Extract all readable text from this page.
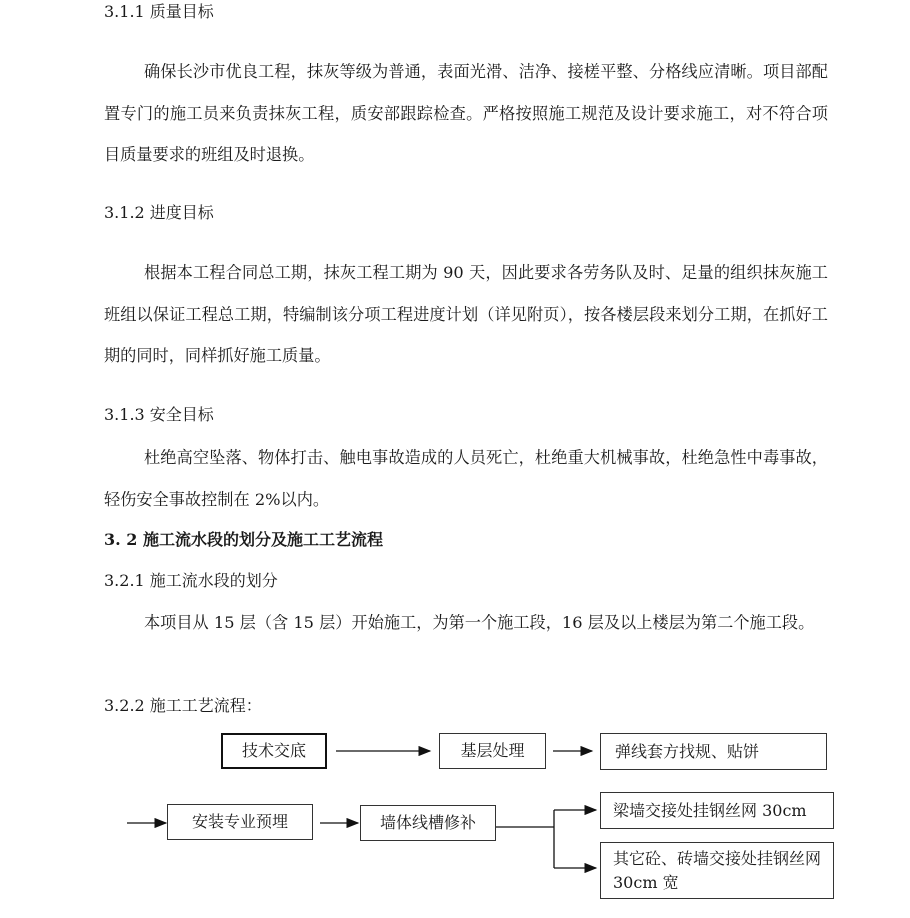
3.1.1 质量目标
确保长沙市优良工程，抹灰等级为普通，表面光滑、洁净、接槎平整、分格线应清晰。项目部配置专门的施工员来负责抹灰工程，质安部跟踪检查。严格按照施工规范及设计要求施工，对不符合项目质量要求的班组及时退换。
3.1.2 进度目标
根据本工程合同总工期，抹灰工程工期为 90 天，因此要求各劳务队及时、足量的组织抹灰施工班组以保证工程总工期，特编制该分项工程进度计划（详见附页），按各楼层段来划分工期，在抓好工期的同时，同样抓好施工质量。
3.1.3 安全目标
杜绝高空坠落、物体打击、触电事故造成的人员死亡，杜绝重大机械事故，杜绝急性中毒事故，轻伤安全事故控制在 2%以内。
3. 2 施工流水段的划分及施工工艺流程
3.2.1 施工流水段的划分
本项目从 15 层（含 15 层）开始施工，为第一个施工段，16 层及以上楼层为第二个施工段。
3.2.2 施工工艺流程：
技术交底	基层处理	弹线套方找规、贴饼
安装专业预埋	墙体线槽修补
梁墙交接处挂钢丝网 30cm
其它砼、砖墙交接处挂钢丝网 30cm 宽
